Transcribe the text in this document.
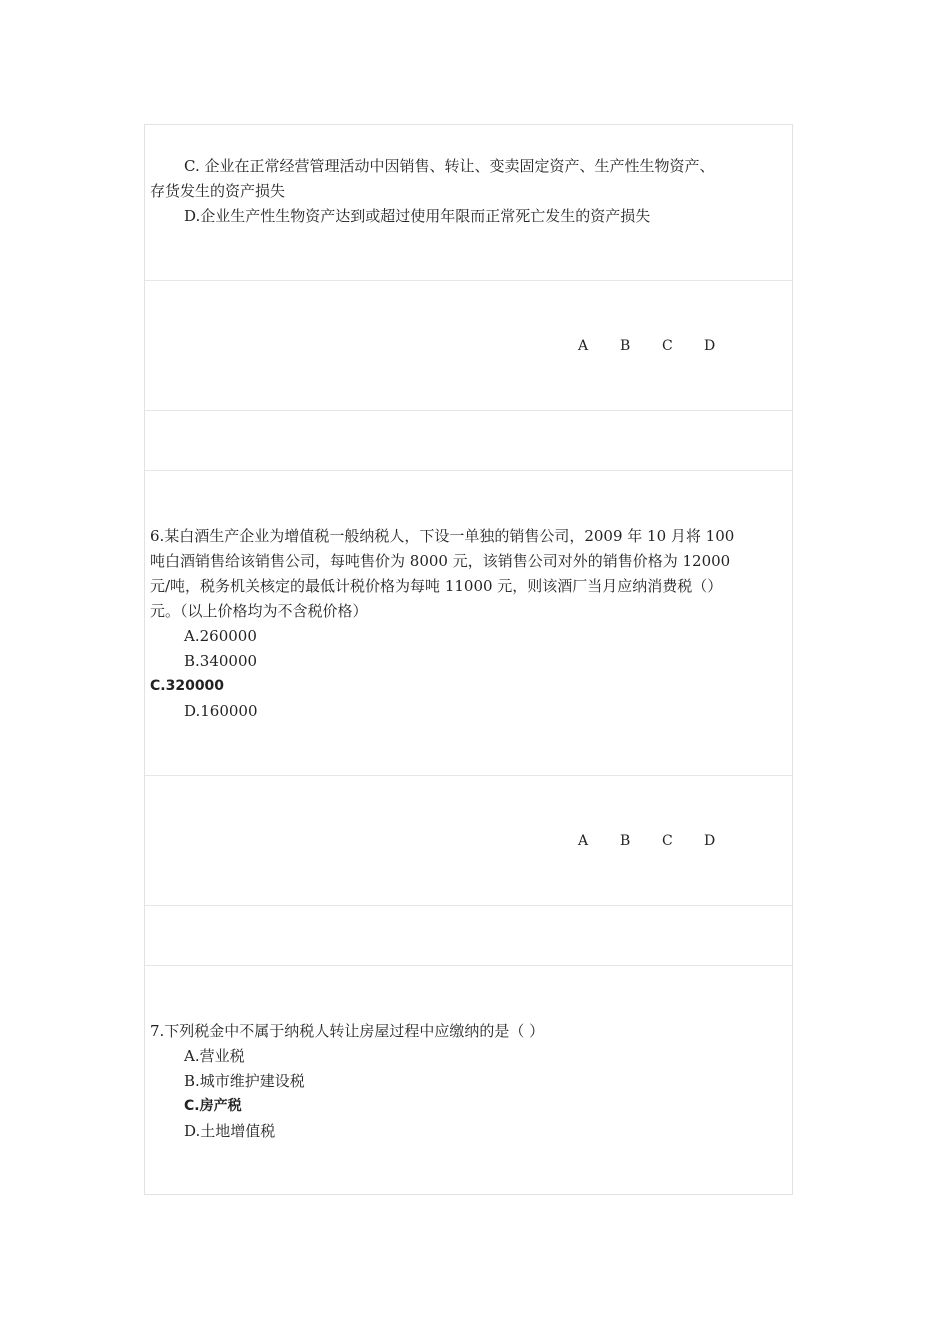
C. 企业在正常经营管理活动中因销售、转让、变卖固定资产、生产性生物资产、
存货发生的资产损失
D.企业生产性生物资产达到或超过使用年限而正常死亡发生的资产损失
A B C D
6.某白酒生产企业为增值税一般纳税人，下设一单独的销售公司，2009 年 10 月将 100
吨白酒销售给该销售公司，每吨售价为 8000 元，该销售公司对外的销售价格为 12000
元/吨，税务机关核定的最低计税价格为每吨 11000 元，则该酒厂当月应纳消费税（）
元。（以上价格均为不含税价格）
A.260000
B.340000
C.320000
D.160000
A B C D
7.下列税金中不属于纳税人转让房屋过程中应缴纳的是（ ）
A.营业税
B.城市维护建设税
C.房产税
D.土地增值税
